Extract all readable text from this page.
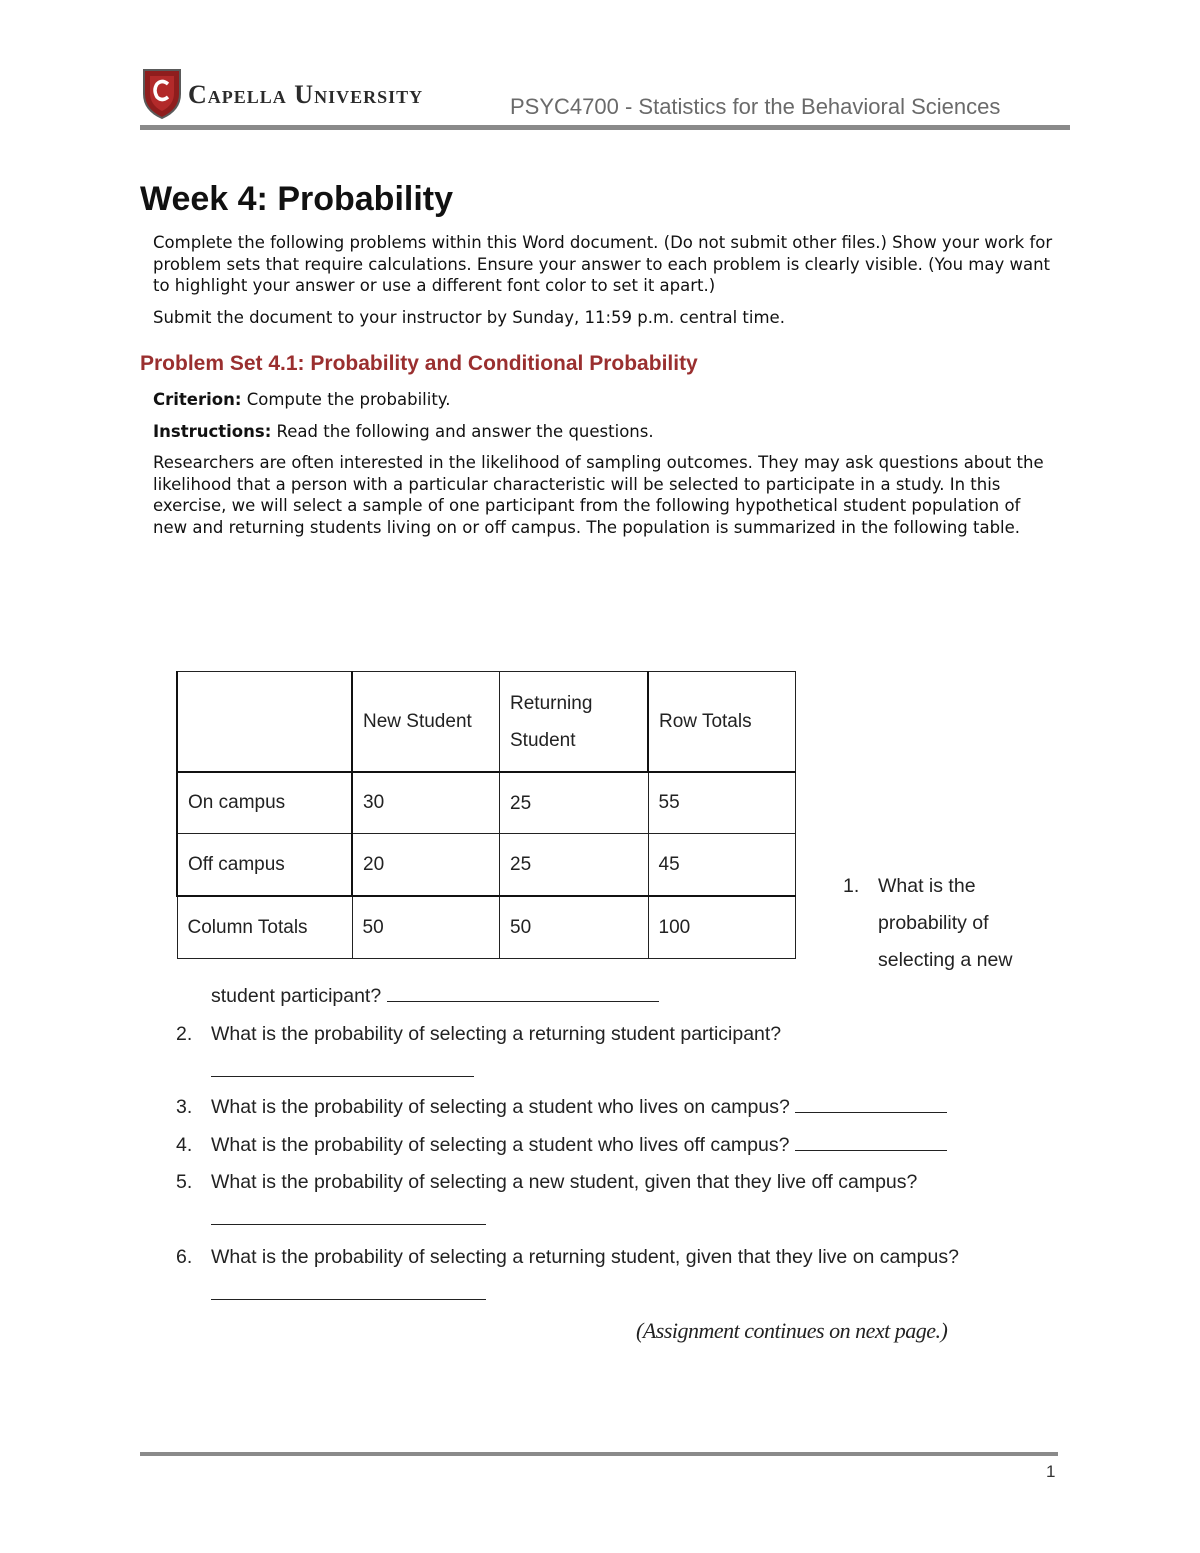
Capella University	PSYC4700 - Statistics for the Behavioral Sciences
Week 4: Probability
Complete the following problems within this Word document. (Do not submit other files.) Show your work for problem sets that require calculations. Ensure your answer to each problem is clearly visible. (You may want to highlight your answer or use a different font color to set it apart.)
Submit the document to your instructor by Sunday, 11:59 p.m. central time.
Problem Set 4.1: Probability and Conditional Probability
Criterion: Compute the probability.
Instructions: Read the following and answer the questions.
Researchers are often interested in the likelihood of sampling outcomes. They may ask questions about the likelihood that a person with a particular characteristic will be selected to participate in a study. In this exercise, we will select a sample of one participant from the following hypothetical student population of new and returning students living on or off campus. The population is summarized in the following table.
	New Student	Returning Student	Row Totals
On campus	30	25	55
Off campus	20	25	45
Column Totals	50	50	100
1. What is the
probability of
selecting a new
student participant?
2. What is the probability of selecting a returning student participant?
3. What is the probability of selecting a student who lives on campus?
4. What is the probability of selecting a student who lives off campus?
5. What is the probability of selecting a new student, given that they live off campus?
6. What is the probability of selecting a returning student, given that they live on campus?
(Assignment continues on next page.)
1
